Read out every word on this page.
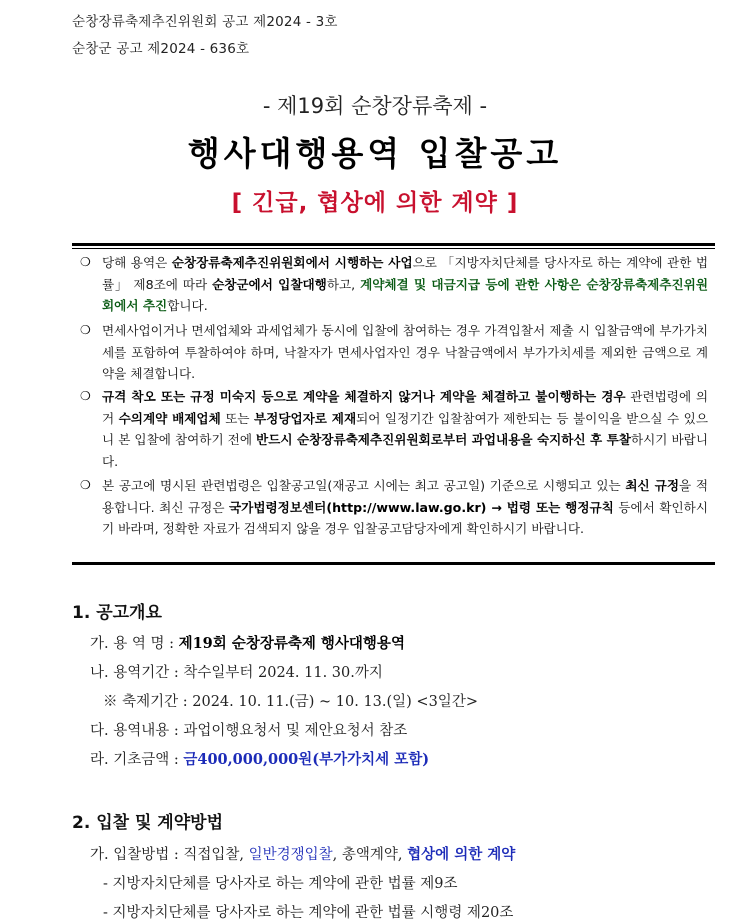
순창장류축제추진위원회 공고 제2024 - 3호
순창군 공고 제2024 - 636호
- 제19회 순창장류축제 -
행사대행용역 입찰공고
[ 긴급, 협상에 의한 계약 ]
❍ 당해 용역은 순창장류축제추진위원회에서 시행하는 사업으로 「지방자치단체를 당사자로 하는 계약에 관한 법률」 제8조에 따라 순창군에서 입찰대행하고, 계약체결 및 대금지급 등에 관한 사항은 순창장류축제추진위원회에서 추진합니다.
❍ 면세사업이거나 면세업체와 과세업체가 동시에 입찰에 참여하는 경우 가격입찰서 제출 시 입찰금액에 부가가치세를 포함하여 투찰하여야 하며, 낙찰자가 면세사업자인 경우 낙찰금액에서 부가가치세를 제외한 금액으로 계약을 체결합니다.
❍ 규격 착오 또는 규정 미숙지 등으로 계약을 체결하지 않거나 계약을 체결하고 불이행하는 경우 관련법령에 의거 수의계약 배제업체 또는 부정당업자로 제재되어 일정기간 입찰참여가 제한되는 등 불이익을 받으실 수 있으니 본 입찰에 참여하기 전에 반드시 순창장류축제추진위원회로부터 과업내용을 숙지하신 후 투찰하시기 바랍니다.
❍ 본 공고에 명시된 관련법령은 입찰공고일(재공고 시에는 최고 공고일) 기준으로 시행되고 있는 최신 규정을 적용합니다. 최신 규정은 국가법령정보센터(http://www.law.go.kr) → 법령 또는 행정규칙 등에서 확인하시기 바라며, 정확한 자료가 검색되지 않을 경우 입찰공고담당자에게 확인하시기 바랍니다.
1. 공고개요
가. 용 역 명 : 제19회 순창장류축제 행사대행용역
나. 용역기간 : 착수일부터 2024. 11. 30.까지
※ 축제기간 : 2024. 10. 11.(금) ~ 10. 13.(일) <3일간>
다. 용역내용 : 과업이행요청서 및 제안요청서 참조
라. 기초금액 : 금400,000,000원(부가가치세 포함)
2. 입찰 및 계약방법
가. 입찰방법 : 직접입찰, 일반경쟁입찰, 총액계약, 협상에 의한 계약
- 지방자치단체를 당사자로 하는 계약에 관한 법률 제9조
- 지방자치단체를 당사자로 하는 계약에 관한 법률 시행령 제20조
